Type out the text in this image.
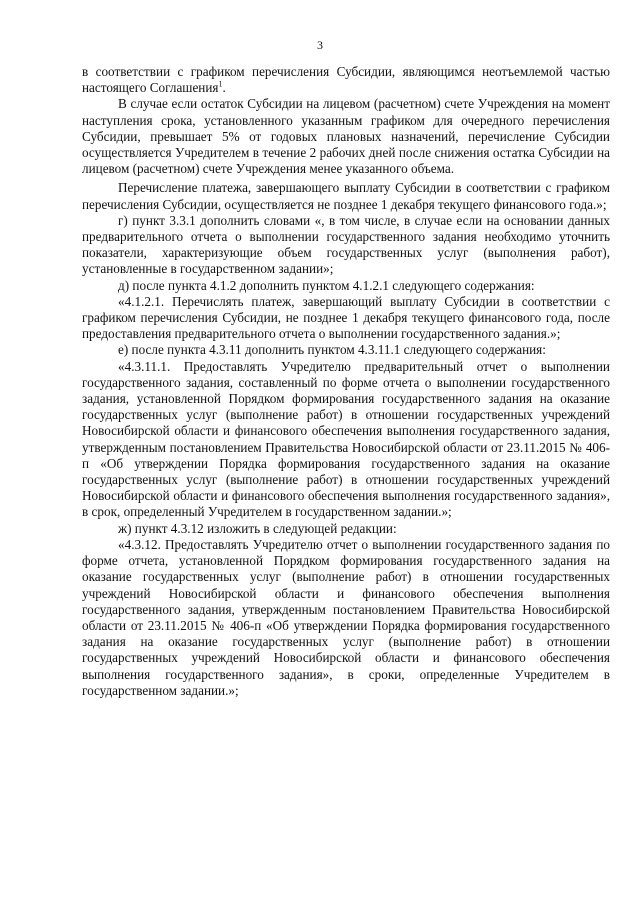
3

в соответствии с графиком перечисления Субсидии, являющимся неотъемлемой частью настоящего Соглашения$^1$.

В случае если остаток Субсидии на лицевом (расчетном) счете Учреждения на момент наступления срока, установленного указанным графиком для очередного перечисления Субсидии, превышает 5% от годовых плановых назначений, перечисление Субсидии осуществляется Учредителем в течение 2 рабочих дней после снижения остатка Субсидии на лицевом (расчетном) счете Учреждения менее указанного объема.

Перечисление платежа, завершающего выплату Субсидии в соответствии с графиком перечисления Субсидии, осуществляется не позднее 1 декабря текущего финансового года.»;

г) пункт 3.3.1 дополнить словами «, в том числе, в случае если на основании данных предварительного отчета о выполнении государственного задания необходимо уточнить показатели, характеризующие объем государственных услуг (выполнения работ), установленные в государственном задании»;

д) после пункта 4.1.2 дополнить пунктом 4.1.2.1 следующего содержания:

«4.1.2.1. Перечислять платеж, завершающий выплату Субсидии в соответствии с графиком перечисления Субсидии, не позднее 1 декабря текущего финансового года, после предоставления предварительного отчета о выполнении государственного задания.»;

е) после пункта 4.3.11 дополнить пунктом 4.3.11.1 следующего содержания:

«4.3.11.1. Предоставлять Учредителю предварительный отчет о выполнении государственного задания, составленный по форме отчета о выполнении государственного задания, установленной Порядком формирования государственного задания на оказание государственных услуг (выполнение работ) в отношении государственных учреждений Новосибирской области и финансового обеспечения выполнения государственного задания, утвержденным постановлением Правительства Новосибирской области от 23.11.2015 № 406-п «Об утверждении Порядка формирования государственного задания на оказание государственных услуг (выполнение работ) в отношении государственных учреждений Новосибирской области и финансового обеспечения выполнения государственного задания», в срок, определенный Учредителем в государственном задании.»;

ж) пункт 4.3.12 изложить в следующей редакции:

«4.3.12. Предоставлять Учредителю отчет о выполнении государственного задания по форме отчета, установленной Порядком формирования государственного задания на оказание государственных услуг (выполнение работ) в отношении государственных учреждений Новосибирской области и финансового обеспечения выполнения государственного задания, утвержденным постановлением Правительства Новосибирской области от 23.11.2015 № 406-п «Об утверждении Порядка формирования государственного задания на оказание государственных услуг (выполнение работ) в отношении государственных учреждений Новосибирской области и финансового обеспечения выполнения государственного задания», в сроки, определенные Учредителем в государственном задании.»;
